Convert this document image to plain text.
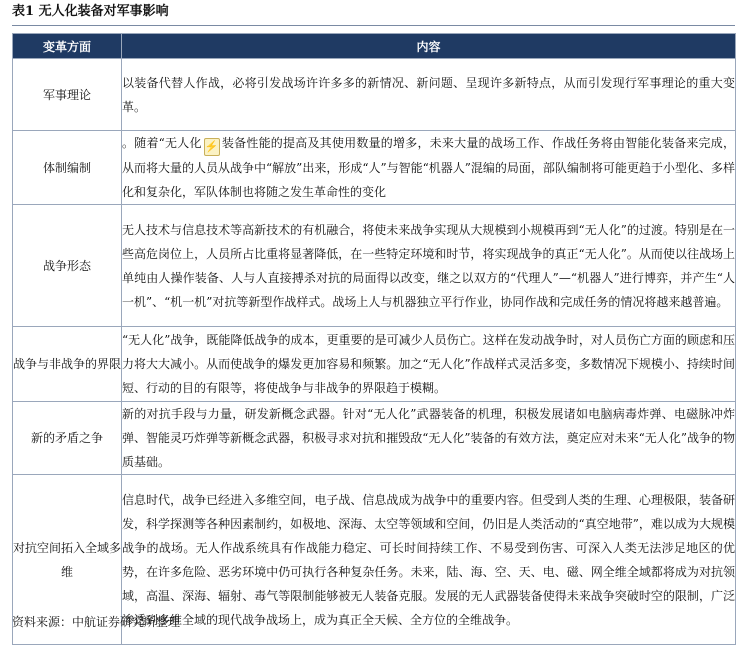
表1 无人化装备对军事影响
变革方面	内容
军事理论	以装备代替人作战，必将引发战场许许多多的新情况、新问题、呈现许多新特点，从而引发现行军事理论的重大变革。
体制编制	。随着“无人化 ⚡ 装备性能的提高及其使用数量的增多，未来大量的战场工作、作战任务将由智能化装备来完成，从而将大量的人员从战争中“解放”出来，形成“人”与智能“机器人”混编的局面，部队编制将可能更趋于小型化、多样化和复杂化，军队体制也将随之发生革命性的变化
战争形态	无人技术与信息技术等高新技术的有机融合，将使未来战争实现从大规模到小规模再到“无人化”的过渡。特别是在一些高危岗位上，人员所占比重将显著降低，在一些特定环境和时节，将实现战争的真正“无人化”。从而使以往战场上单纯由人操作装备、人与人直接搏杀对抗的局面得以改变，继之以双方的“代理人”—“机器人”进行博弈，并产生“人一机”、“机一机”对抗等新型作战样式。战场上人与机器独立平行作业，协同作战和完成任务的情况将越来越普遍。
战争与非战争的界限	“无人化”战争，既能降低战争的成本，更重要的是可减少人员伤亡。这样在发动战争时，对人员伤亡方面的顾虑和压力将大大减小。从而使战争的爆发更加容易和频繁。加之“无人化”作战样式灵活多变，多数情况下规模小、持续时间短、行动的目的有限等，将使战争与非战争的界限趋于模糊。
新的矛盾之争	新的对抗手段与力量，研发新概念武器。针对“无人化”武器装备的机理，积极发展诸如电脑病毒炸弹、电磁脉冲炸弹、智能灵巧炸弹等新概念武器，积极寻求对抗和摧毁敌“无人化”装备的有效方法，奠定应对未来“无人化”战争的物质基础。
对抗空间拓入全域多维	信息时代，战争已经进入多维空间，电子战、信息战成为战争中的重要内容。但受到人类的生理、心理极限，装备研发，科学探测等各种因素制约，如极地、深海、太空等领域和空间，仍旧是人类活动的“真空地带”，难以成为大规模战争的战场。无人作战系统具有作战能力稳定、可长时间持续工作、不易受到伤害、可深入人类无法涉足地区的优势，在许多危险、恶劣环境中仍可执行各种复杂任务。未来，陆、海、空、天、电、磁、网全维全域都将成为对抗领域，高温、深海、辐射、毒气等限制能够被无人装备克服。发展的无人武器装备使得未来战争突破时空的限制，广泛渗透到多维全域的现代战争战场上，成为真正全天候、全方位的全维战争。
资料来源：中航证券研究所整理
